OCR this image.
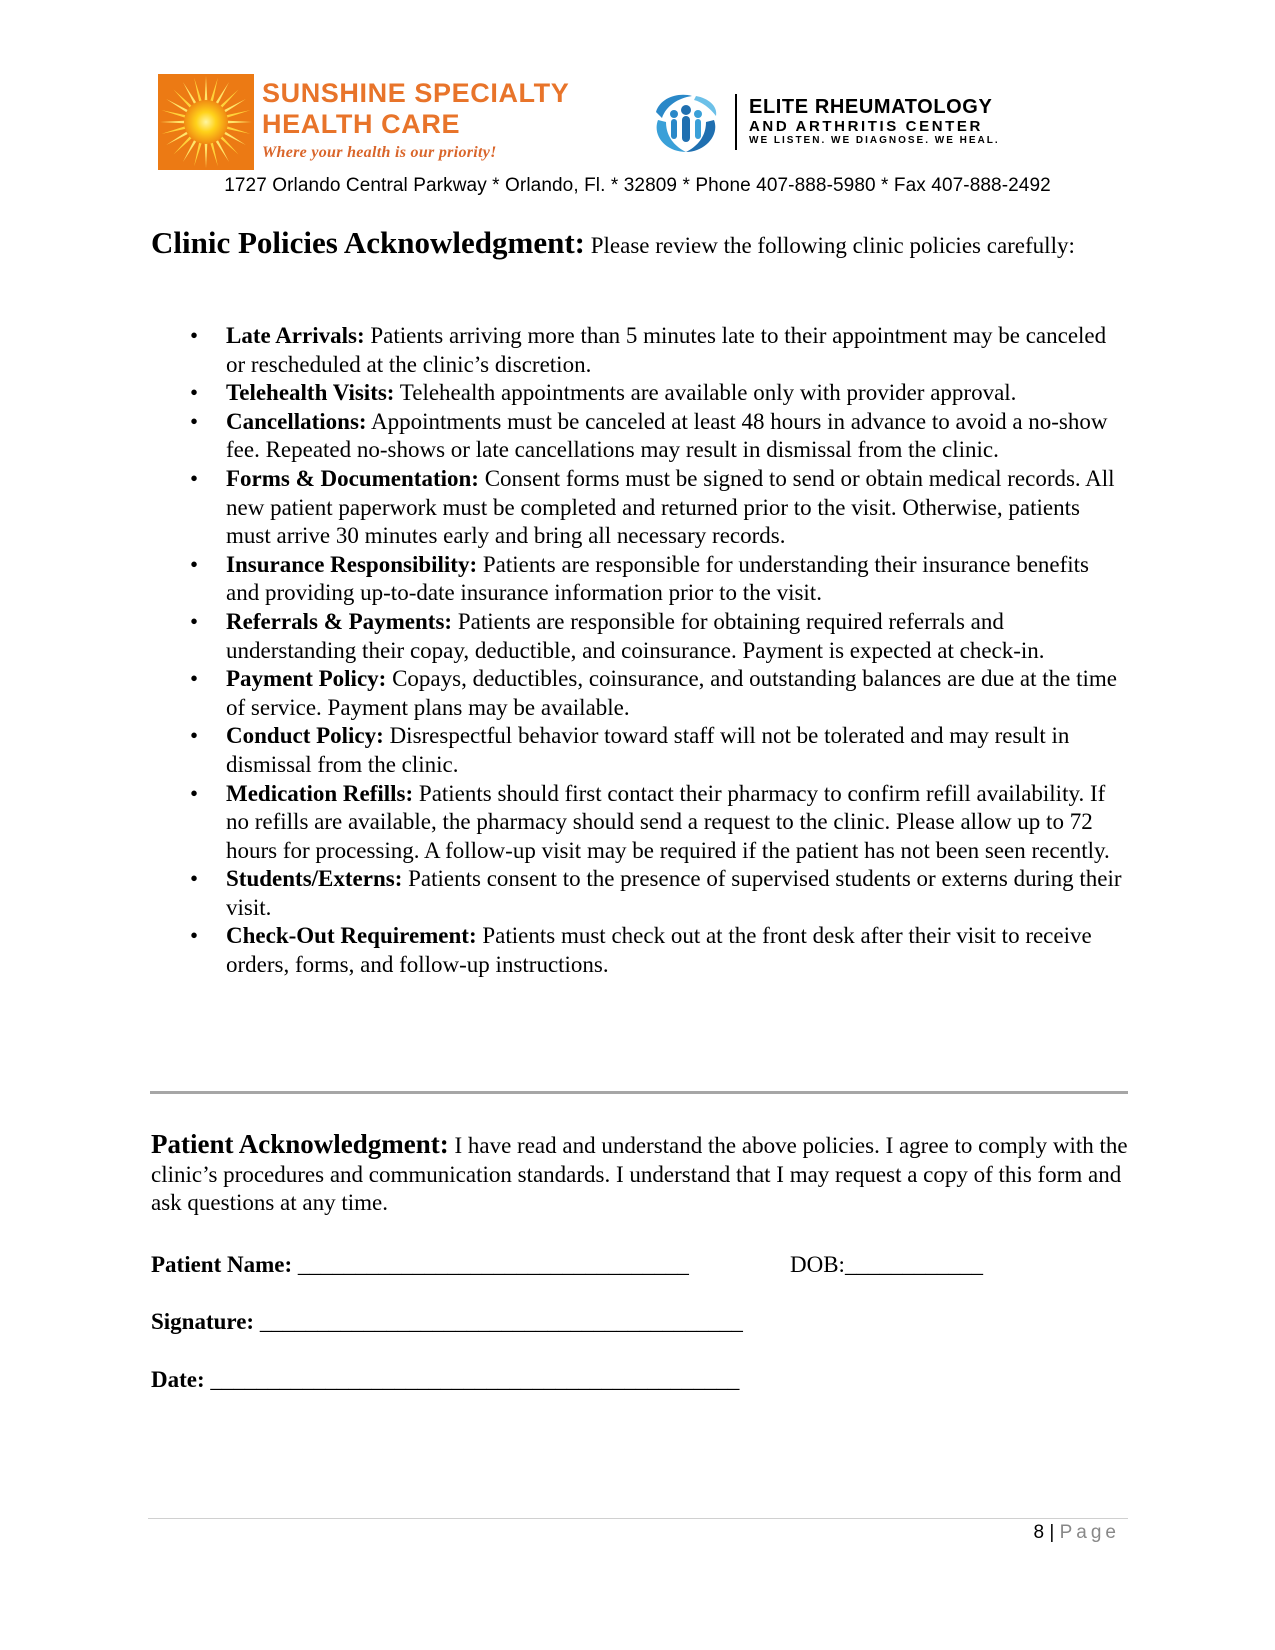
SUNSHINE SPECIALTY
HEALTH CARE
Where your health is our priority!
ELITE RHEUMATOLOGY
AND ARTHRITIS CENTER
WE LISTEN. WE DIAGNOSE. WE HEAL.
1727 Orlando Central Parkway * Orlando, Fl. * 32809 * Phone 407-888-5980 * Fax 407-888-2492
Clinic Policies Acknowledgment: Please review the following clinic policies carefully:
• Late Arrivals: Patients arriving more than 5 minutes late to their appointment may be canceled or rescheduled at the clinic’s discretion.
• Telehealth Visits: Telehealth appointments are available only with provider approval.
• Cancellations: Appointments must be canceled at least 48 hours in advance to avoid a no-show fee. Repeated no-shows or late cancellations may result in dismissal from the clinic.
• Forms & Documentation: Consent forms must be signed to send or obtain medical records. All new patient paperwork must be completed and returned prior to the visit. Otherwise, patients must arrive 30 minutes early and bring all necessary records.
• Insurance Responsibility: Patients are responsible for understanding their insurance benefits and providing up-to-date insurance information prior to the visit.
• Referrals & Payments: Patients are responsible for obtaining required referrals and understanding their copay, deductible, and coinsurance. Payment is expected at check-in.
• Payment Policy: Copays, deductibles, coinsurance, and outstanding balances are due at the time of service. Payment plans may be available.
• Conduct Policy: Disrespectful behavior toward staff will not be tolerated and may result in dismissal from the clinic.
• Medication Refills: Patients should first contact their pharmacy to confirm refill availability. If no refills are available, the pharmacy should send a request to the clinic. Please allow up to 72 hours for processing. A follow-up visit may be required if the patient has not been seen recently.
• Students/Externs: Patients consent to the presence of supervised students or externs during their visit.
• Check-Out Requirement: Patients must check out at the front desk after their visit to receive orders, forms, and follow-up instructions.
Patient Acknowledgment: I have read and understand the above policies. I agree to comply with the clinic’s procedures and communication standards. I understand that I may request a copy of this form and ask questions at any time.
Patient Name: __________________________________	DOB:____________
Signature: __________________________________________
Date: ______________________________________________
8 | Page
